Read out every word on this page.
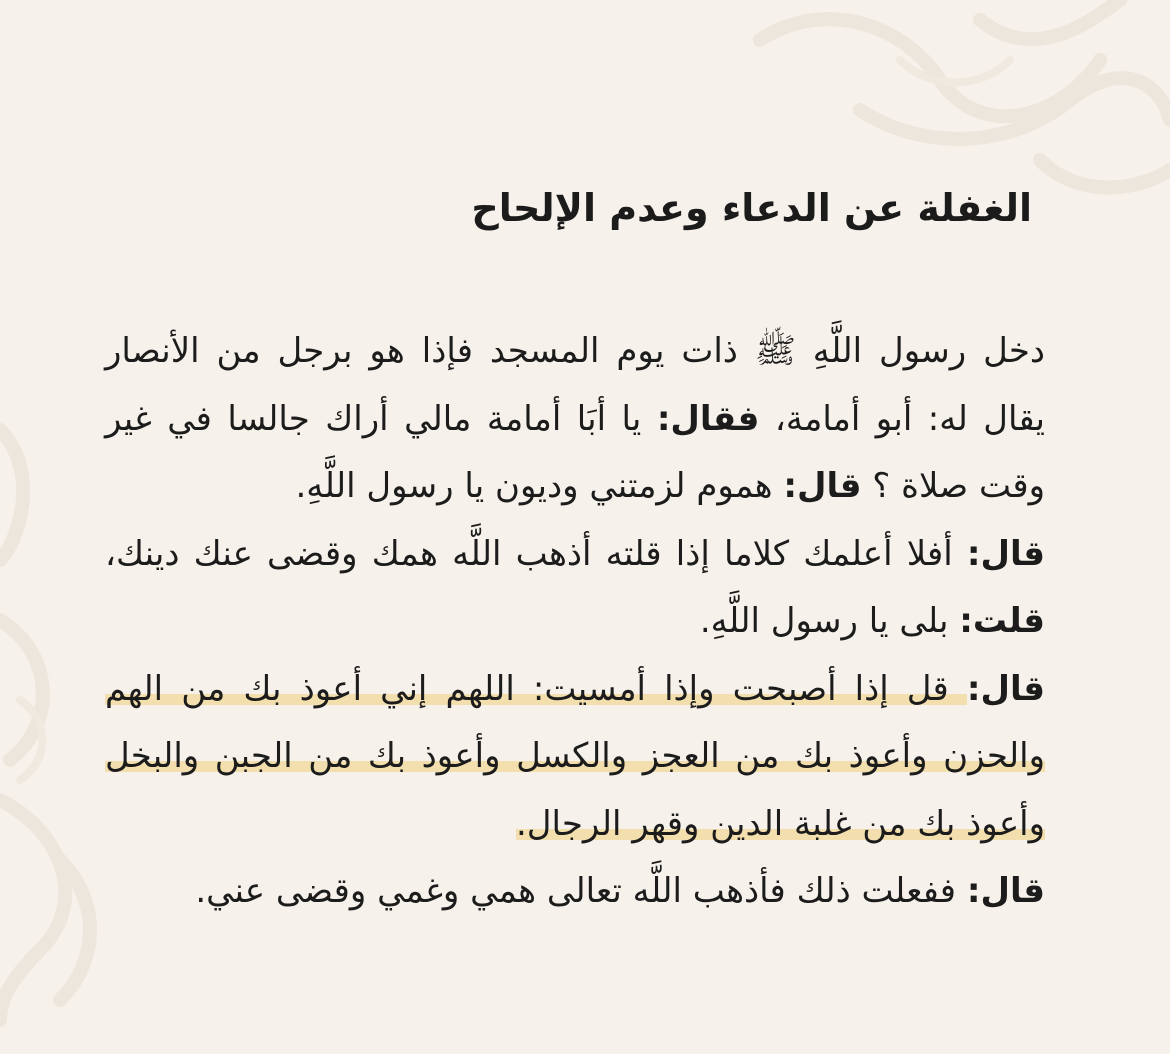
الغفلة عن الدعاء وعدم الإلحاح

دخل رسول اللَّهِ ﷺ ذات يوم المسجد فإذا هو برجل من الأنصار يقال له: أبو أمامة، فقال: يا أبَا أمامة مالي أراك جالسا في غير وقت صلاة ؟ قال: هموم لزمتني وديون يا رسول اللَّهِ.

قال: أفلا أعلمك كلاما إذا قلته أذهب اللَّه همك وقضى عنك دينك، قلت: بلى يا رسول اللَّهِ.

قال: قل إذا أصبحت وإذا أمسيت: اللهم إني أعوذ بك من الهم والحزن وأعوذ بك من العجز والكسل وأعوذ بك من الجبن والبخل وأعوذ بك من غلبة الدين وقهر الرجال.

قال: ففعلت ذلك فأذهب اللَّه تعالى همي وغمي وقضى عني.
